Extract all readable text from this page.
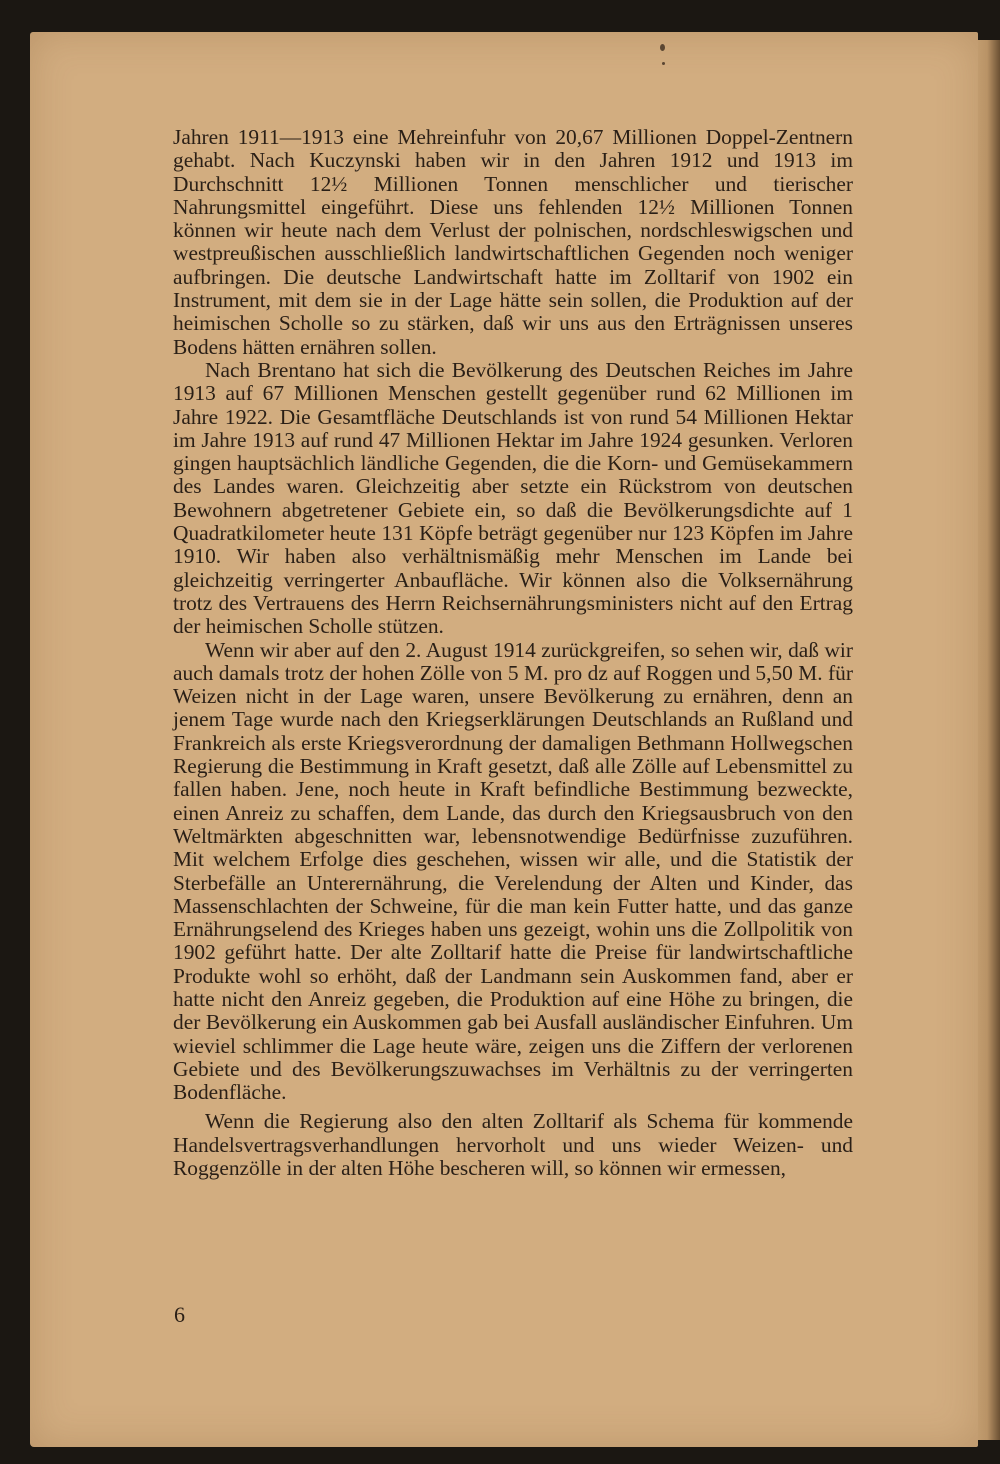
Jahren 1911—1913 eine Mehreinfuhr von 20,67 Millionen Doppel-Zentnern gehabt. Nach Kuczynski haben wir in den Jahren 1912 und 1913 im Durchschnitt 12½ Millionen Tonnen menschlicher und tierischer Nahrungsmittel eingeführt. Diese uns fehlenden 12½ Millionen Tonnen können wir heute nach dem Verlust der polnischen, nordschleswigschen und westpreußischen ausschließlich landwirtschaftlichen Gegenden noch weniger aufbringen. Die deutsche Landwirtschaft hatte im Zolltarif von 1902 ein Instrument, mit dem sie in der Lage hätte sein sollen, die Produktion auf der heimischen Scholle so zu stärken, daß wir uns aus den Erträgnissen unseres Bodens hätten ernähren sollen.

Nach Brentano hat sich die Bevölkerung des Deutschen Reiches im Jahre 1913 auf 67 Millionen Menschen gestellt gegenüber rund 62 Millionen im Jahre 1922. Die Gesamtfläche Deutschlands ist von rund 54 Millionen Hektar im Jahre 1913 auf rund 47 Millionen Hektar im Jahre 1924 gesunken. Verloren gingen hauptsächlich ländliche Gegenden, die die Korn- und Gemüsekammern des Landes waren. Gleichzeitig aber setzte ein Rückstrom von deutschen Bewohnern abgetretener Gebiete ein, so daß die Bevölkerungsdichte auf 1 Quadratkilometer heute 131 Köpfe beträgt gegenüber nur 123 Köpfen im Jahre 1910. Wir haben also verhältnismäßig mehr Menschen im Lande bei gleichzeitig verringerter Anbaufläche. Wir können also die Volksernährung trotz des Vertrauens des Herrn Reichsernährungsministers nicht auf den Ertrag der heimischen Scholle stützen.

Wenn wir aber auf den 2. August 1914 zurückgreifen, so sehen wir, daß wir auch damals trotz der hohen Zölle von 5 M. pro dz auf Roggen und 5,50 M. für Weizen nicht in der Lage waren, unsere Bevölkerung zu ernähren, denn an jenem Tage wurde nach den Kriegserklärungen Deutschlands an Rußland und Frankreich als erste Kriegsverordnung der damaligen Bethmann Hollwegschen Regierung die Bestimmung in Kraft gesetzt, daß alle Zölle auf Lebensmittel zu fallen haben. Jene, noch heute in Kraft befindliche Bestimmung bezweckte, einen Anreiz zu schaffen, dem Lande, das durch den Kriegsausbruch von den Weltmärkten abgeschnitten war, lebensnotwendige Bedürfnisse zuzuführen. Mit welchem Erfolge dies geschehen, wissen wir alle, und die Statistik der Sterbefälle an Unterernährung, die Verelendung der Alten und Kinder, das Massenschlachten der Schweine, für die man kein Futter hatte, und das ganze Ernährungselend des Krieges haben uns gezeigt, wohin uns die Zollpolitik von 1902 geführt hatte. Der alte Zolltarif hatte die Preise für landwirtschaftliche Produkte wohl so erhöht, daß der Landmann sein Auskommen fand, aber er hatte nicht den Anreiz gegeben, die Produktion auf eine Höhe zu bringen, die der Bevölkerung ein Auskommen gab bei Ausfall ausländischer Einfuhren. Um wieviel schlimmer die Lage heute wäre, zeigen uns die Ziffern der verlorenen Gebiete und des Bevölkerungszuwachses im Verhältnis zu der verringerten Bodenfläche.

Wenn die Regierung also den alten Zolltarif als Schema für kommende Handelsvertragsverhandlungen hervorholt und uns wieder Weizen- und Roggenzölle in der alten Höhe bescheren will, so können wir ermessen,

6
